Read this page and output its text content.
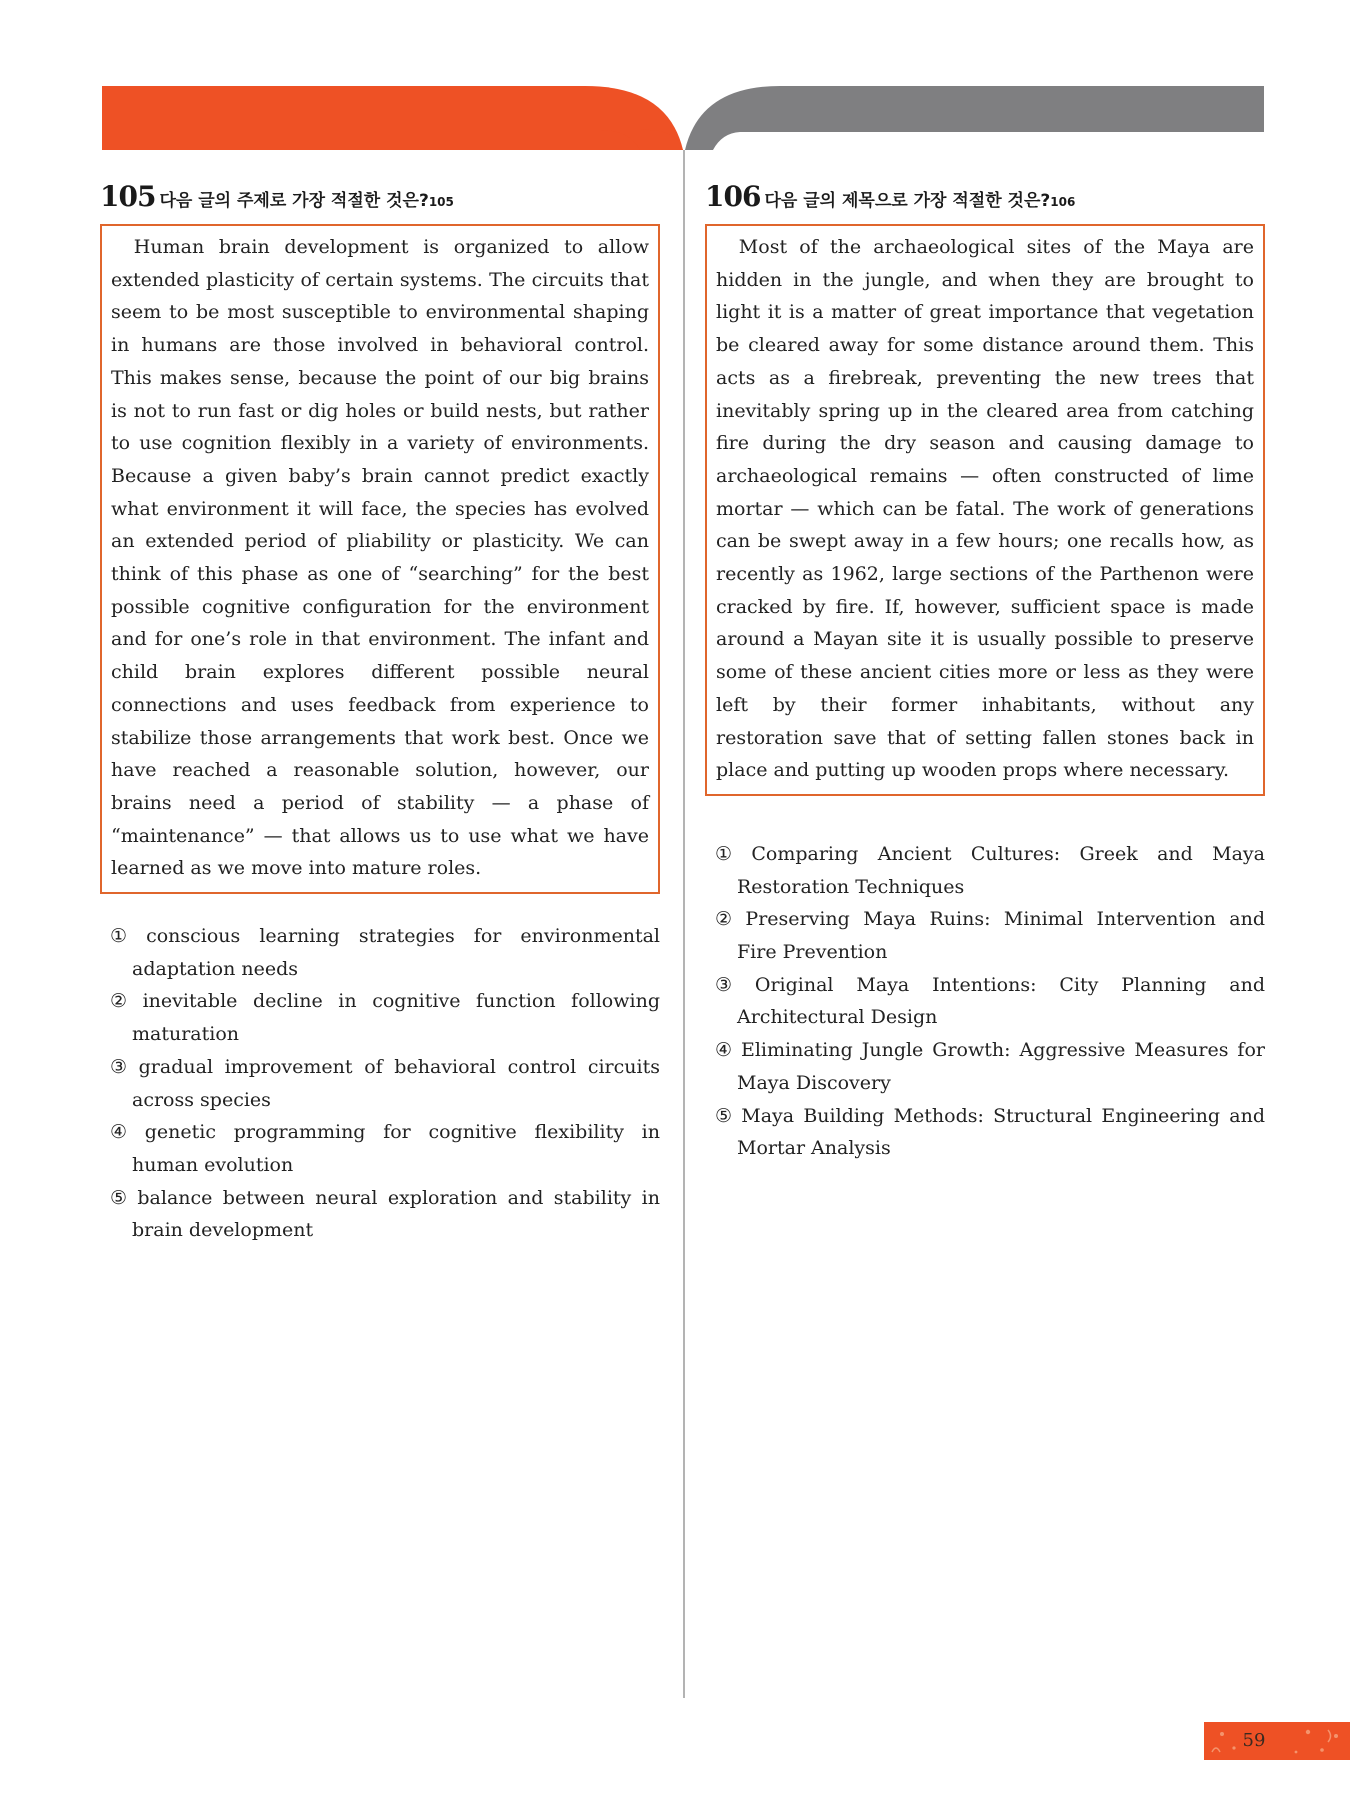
105 다음 글의 주제로 가장 적절한 것은? 105
Human brain development is organized to allow extended plasticity of certain systems. The circuits that seem to be most susceptible to environmental shaping in humans are those involved in behavioral control. This makes sense, because the point of our big brains is not to run fast or dig holes or build nests, but rather to use cognition flexibly in a variety of environments. Because a given baby’s brain cannot predict exactly what environment it will face, the species has evolved an extended period of pliability or plasticity. We can think of this phase as one of “searching” for the best possible cognitive configuration for the environment and for one’s role in that environment. The infant and child brain explores different possible neural connections and uses feedback from experience to stabilize those arrangements that work best. Once we have reached a reasonable solution, however, our brains need a period of stability — a phase of “maintenance” — that allows us to use what we have learned as we move into mature roles.
① conscious learning strategies for environmental adaptation needs
② inevitable decline in cognitive function following maturation
③ gradual improvement of behavioral control circuits across species
④ genetic programming for cognitive flexibility in human evolution
⑤ balance between neural exploration and stability in brain development
106 다음 글의 제목으로 가장 적절한 것은? 106
Most of the archaeological sites of the Maya are hidden in the jungle, and when they are brought to light it is a matter of great importance that vegetation be cleared away for some distance around them. This acts as a firebreak, preventing the new trees that inevitably spring up in the cleared area from catching fire during the dry season and causing damage to archaeological remains — often constructed of lime mortar — which can be fatal. The work of generations can be swept away in a few hours; one recalls how, as recently as 1962, large sections of the Parthenon were cracked by fire. If, however, sufficient space is made around a Mayan site it is usually possible to preserve some of these ancient cities more or less as they were left by their former inhabitants, without any restoration save that of setting fallen stones back in place and putting up wooden props where necessary.
① Comparing Ancient Cultures: Greek and Maya Restoration Techniques
② Preserving Maya Ruins: Minimal Intervention and Fire Prevention
③ Original Maya Intentions: City Planning and Architectural Design
④ Eliminating Jungle Growth: Aggressive Measures for Maya Discovery
⑤ Maya Building Methods: Structural Engineering and Mortar Analysis
59
